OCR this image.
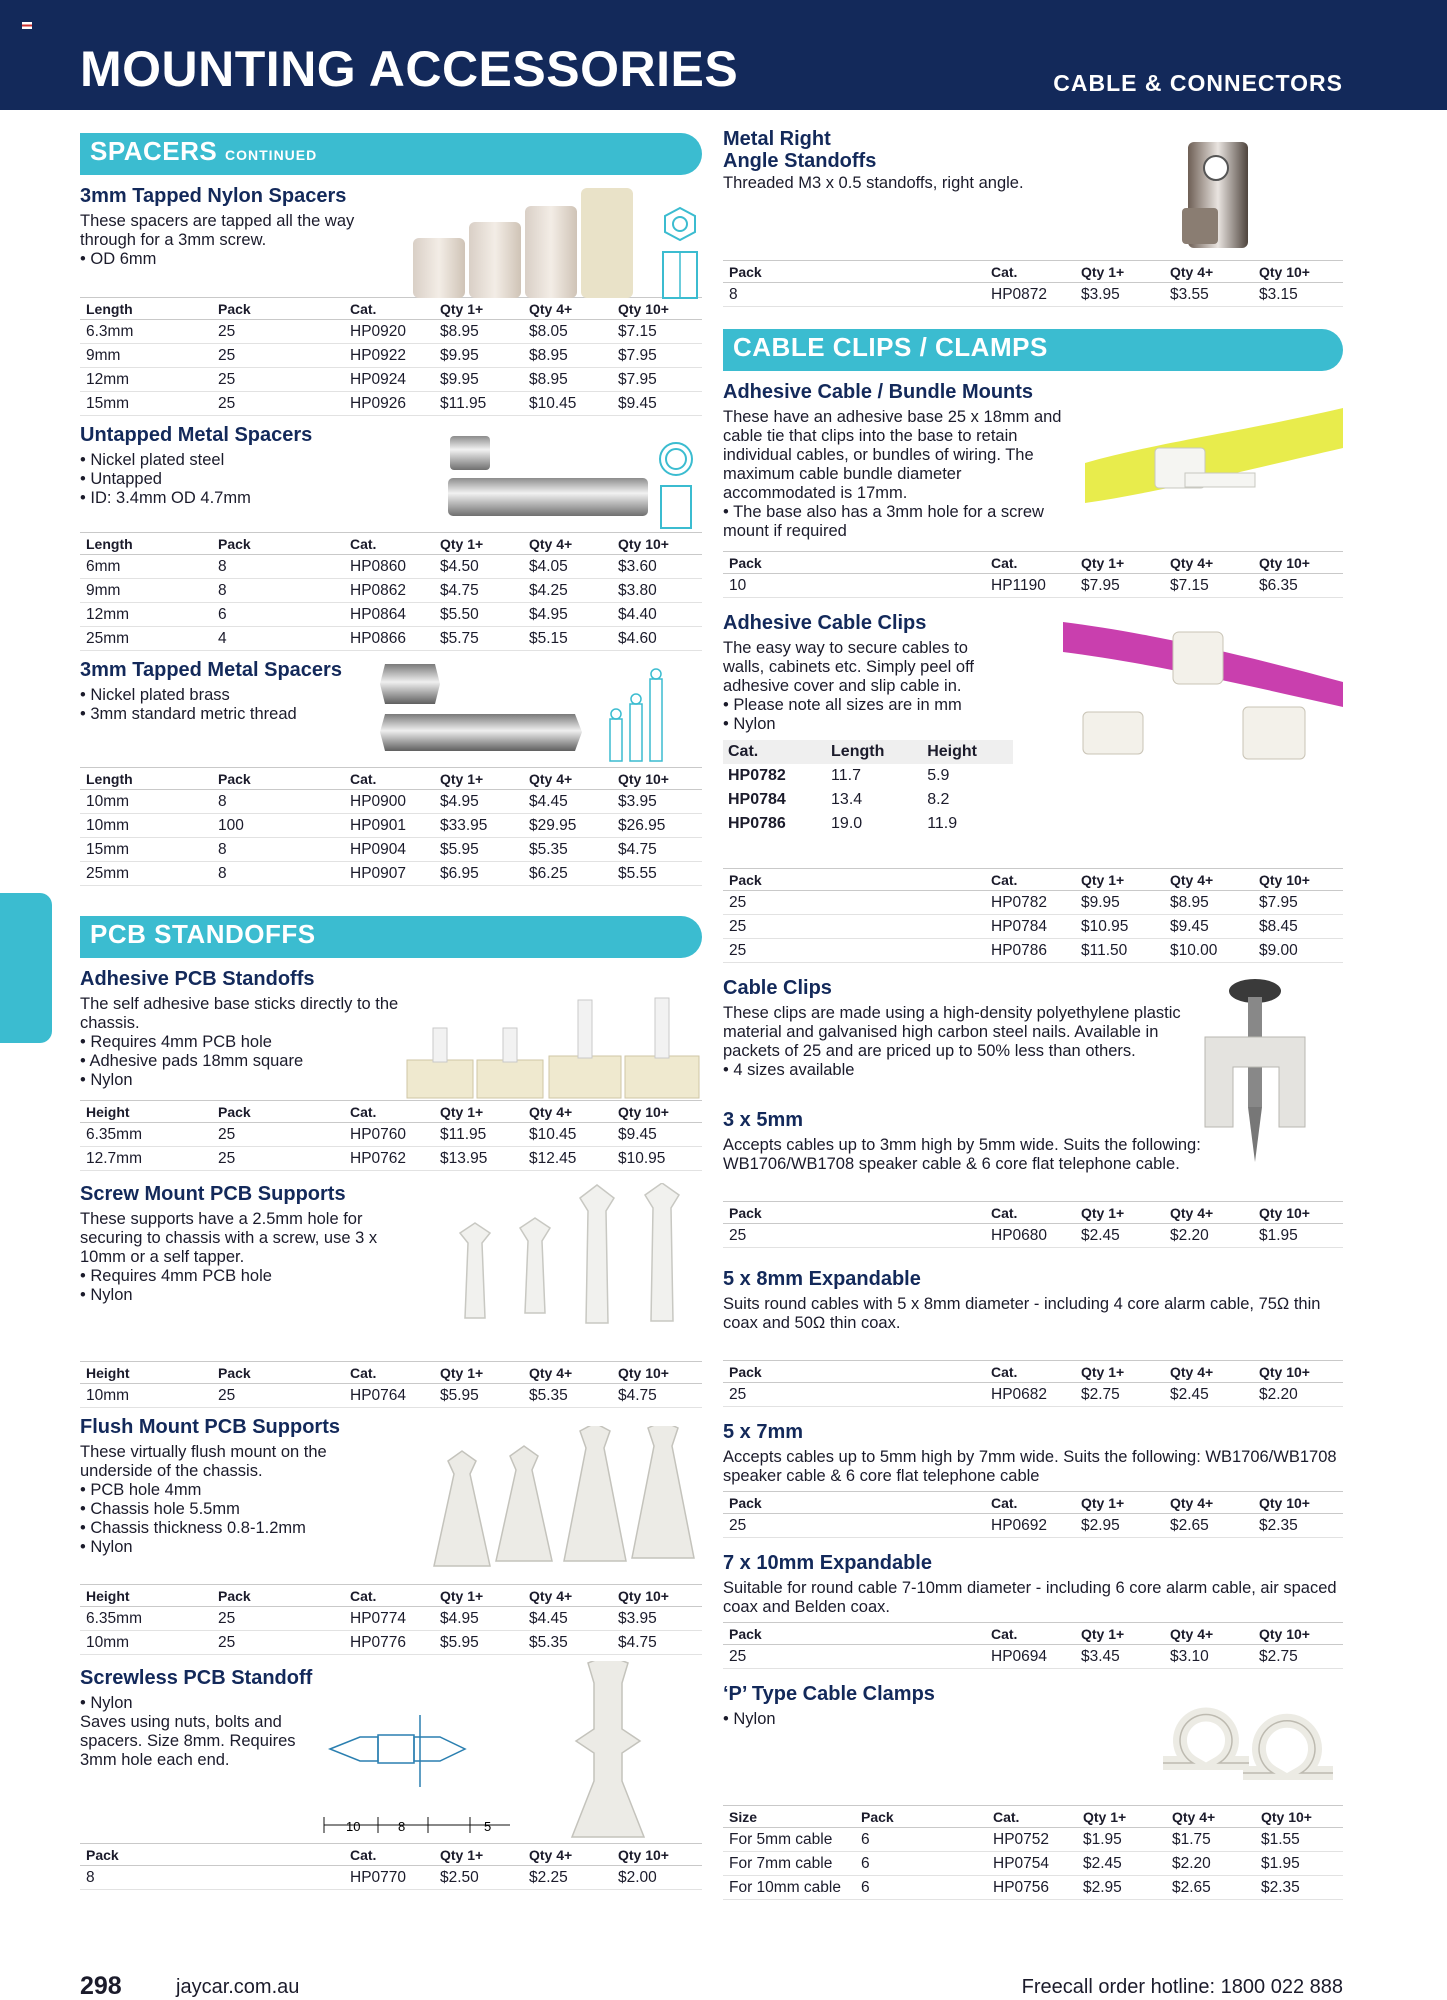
MOUNTING ACCESSORIES	CABLE & CONNECTORS
SPACERS CONTINUED
3mm Tapped Nylon Spacers
These spacers are tapped all the way through for a 3mm screw.
• OD 6mm
Length	Pack	Cat.	Qty 1+	Qty 4+	Qty 10+
6.3mm	25	HP0920	$8.95	$8.05	$7.15
9mm	25	HP0922	$9.95	$8.95	$7.95
12mm	25	HP0924	$9.95	$8.95	$7.95
15mm	25	HP0926	$11.95	$10.45	$9.45
Untapped Metal Spacers
• Nickel plated steel
• Untapped
• ID: 3.4mm OD 4.7mm
Length	Pack	Cat.	Qty 1+	Qty 4+	Qty 10+
6mm	8	HP0860	$4.50	$4.05	$3.60
9mm	8	HP0862	$4.75	$4.25	$3.80
12mm	6	HP0864	$5.50	$4.95	$4.40
25mm	4	HP0866	$5.75	$5.15	$4.60
3mm Tapped Metal Spacers
• Nickel plated brass
• 3mm standard metric thread
Length	Pack	Cat.	Qty 1+	Qty 4+	Qty 10+
10mm	8	HP0900	$4.95	$4.45	$3.95
10mm	100	HP0901	$33.95	$29.95	$26.95
15mm	8	HP0904	$5.95	$5.35	$4.75
25mm	8	HP0907	$6.95	$6.25	$5.55
PCB STANDOFFS
Adhesive PCB Standoffs
The self adhesive base sticks directly to the chassis.
• Requires 4mm PCB hole
• Adhesive pads 18mm square
• Nylon
Height	Pack	Cat.	Qty 1+	Qty 4+	Qty 10+
6.35mm	25	HP0760	$11.95	$10.45	$9.45
12.7mm	25	HP0762	$13.95	$12.45	$10.95
Screw Mount PCB Supports
These supports have a 2.5mm hole for securing to chassis with a screw, use 3 x 10mm or a self tapper.
• Requires 4mm PCB hole
• Nylon
Height	Pack	Cat.	Qty 1+	Qty 4+	Qty 10+
10mm	25	HP0764	$5.95	$5.35	$4.75
Flush Mount PCB Supports
These virtually flush mount on the underside of the chassis.
• PCB hole 4mm
• Chassis hole 5.5mm
• Chassis thickness 0.8-1.2mm
• Nylon
Height	Pack	Cat.	Qty 1+	Qty 4+	Qty 10+
6.35mm	25	HP0774	$4.95	$4.45	$3.95
10mm	25	HP0776	$5.95	$5.35	$4.75
Screwless PCB Standoff
• Nylon
Saves using nuts, bolts and spacers. Size 8mm. Requires 3mm hole each end.
10	8	5
Pack		Cat.	Qty 1+	Qty 4+	Qty 10+
8		HP0770	$2.50	$2.25	$2.00
Metal Right
Angle Standoffs
Threaded M3 x 0.5 standoffs, right angle.
Pack	Cat.	Qty 1+	Qty 4+	Qty 10+
8	HP0872	$3.95	$3.55	$3.15
CABLE CLIPS / CLAMPS
Adhesive Cable / Bundle Mounts
These have an adhesive base 25 x 18mm and cable tie that clips into the base to retain individual cables, or bundles of wiring. The maximum cable bundle diameter accommodated is 17mm.
• The base also has a 3mm hole for a screw mount if required
Pack	Cat.	Qty 1+	Qty 4+	Qty 10+
10	HP1190	$7.95	$7.15	$6.35
Adhesive Cable Clips
The easy way to secure cables to walls, cabinets etc. Simply peel off adhesive cover and slip cable in.
• Please note all sizes are in mm
• Nylon
Cat.	Length	Height
HP0782	11.7	5.9
HP0784	13.4	8.2
HP0786	19.0	11.9
Pack	Cat.	Qty 1+	Qty 4+	Qty 10+
25	HP0782	$9.95	$8.95	$7.95
25	HP0784	$10.95	$9.45	$8.45
25	HP0786	$11.50	$10.00	$9.00
Cable Clips
These clips are made using a high-density polyethylene plastic material and galvanised high carbon steel nails. Available in packets of 25 and are priced up to 50% less than others.
• 4 sizes available
3 x 5mm
Accepts cables up to 3mm high by 5mm wide. Suits the following: WB1706/WB1708 speaker cable & 6 core flat telephone cable.
Pack	Cat.	Qty 1+	Qty 4+	Qty 10+
25	HP0680	$2.45	$2.20	$1.95
5 x 8mm Expandable
Suits round cables with 5 x 8mm diameter - including 4 core alarm cable, 75Ω thin coax and 50Ω thin coax.
Pack	Cat.	Qty 1+	Qty 4+	Qty 10+
25	HP0682	$2.75	$2.45	$2.20
5 x 7mm
Accepts cables up to 5mm high by 7mm wide. Suits the following: WB1706/WB1708 speaker cable & 6 core flat telephone cable
Pack	Cat.	Qty 1+	Qty 4+	Qty 10+
25	HP0692	$2.95	$2.65	$2.35
7 x 10mm Expandable
Suitable for round cable 7-10mm diameter - including 6 core alarm cable, air spaced coax and Belden coax.
Pack	Cat.	Qty 1+	Qty 4+	Qty 10+
25	HP0694	$3.45	$3.10	$2.75
‘P’ Type Cable Clamps
• Nylon
Size	Pack	Cat.	Qty 1+	Qty 4+	Qty 10+
For 5mm cable	6	HP0752	$1.95	$1.75	$1.55
For 7mm cable	6	HP0754	$2.45	$2.20	$1.95
For 10mm cable	6	HP0756	$2.95	$2.65	$2.35
298	jaycar.com.au	Freecall order hotline: 1800 022 888
